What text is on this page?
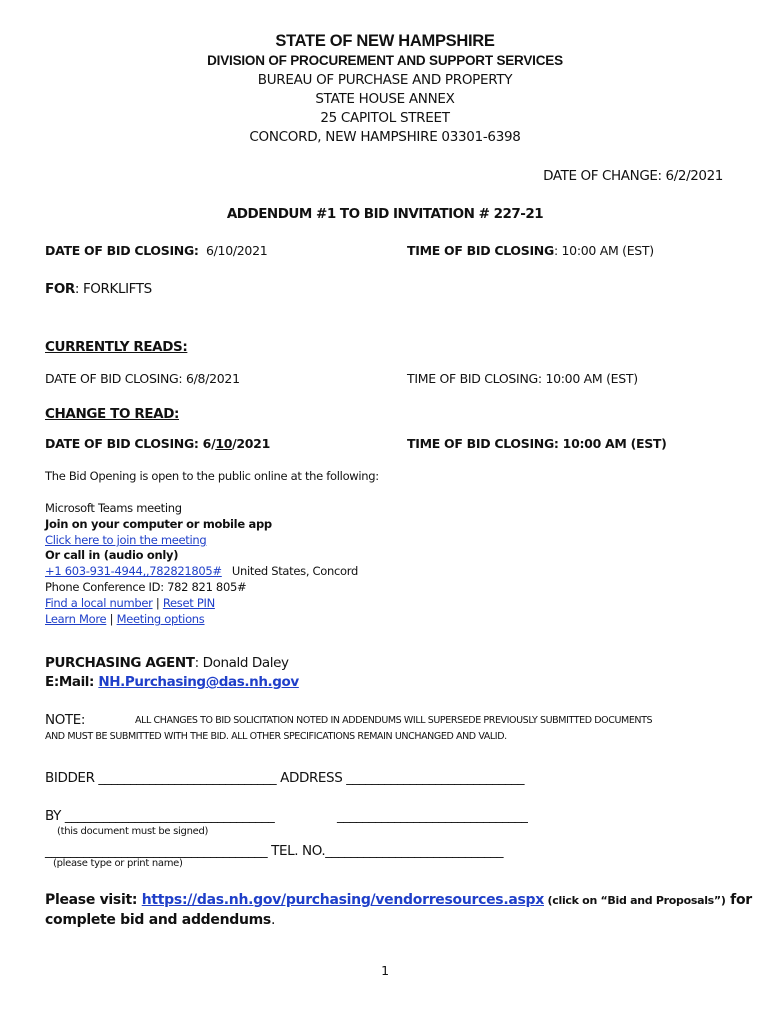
STATE OF NEW HAMPSHIRE
DIVISION OF PROCUREMENT AND SUPPORT SERVICES
BUREAU OF PURCHASE AND PROPERTY
STATE HOUSE ANNEX
25 CAPITOL STREET
CONCORD, NEW HAMPSHIRE 03301-6398
DATE OF CHANGE: 6/2/2021
ADDENDUM #1 TO BID INVITATION # 227-21
DATE OF BID CLOSING: 6/10/2021	TIME OF BID CLOSING: 10:00 AM (EST)
FOR: FORKLIFTS
CURRENTLY READS:
DATE OF BID CLOSING: 6/8/2021	TIME OF BID CLOSING: 10:00 AM (EST)
CHANGE TO READ:
DATE OF BID CLOSING: 6/10/2021	TIME OF BID CLOSING: 10:00 AM (EST)
The Bid Opening is open to the public online at the following:
Microsoft Teams meeting
Join on your computer or mobile app
Click here to join the meeting
Or call in (audio only)
+1 603-931-4944,,782821805# United States, Concord
Phone Conference ID: 782 821 805#
Find a local number | Reset PIN
Learn More | Meeting options
PURCHASING AGENT: Donald Daley
E:Mail: NH.Purchasing@das.nh.gov
NOTE:	ALL CHANGES TO BID SOLICITATION NOTED IN ADDENDUMS WILL SUPERSEDE PREVIOUSLY SUBMITTED DOCUMENTS
AND MUST BE SUBMITTED WITH THE BID. ALL OTHER SPECIFICATIONS REMAIN UNCHANGED AND VALID.
BIDDER ____________________________ ADDRESS ____________________________
BY _________________________________	______________________________
(this document must be signed)
___________________________________ TEL. NO.____________________________
(please type or print name)
Please visit: https://das.nh.gov/purchasing/vendorresources.aspx (click on “Bid and Proposals”) for
complete bid and addendums.
1
